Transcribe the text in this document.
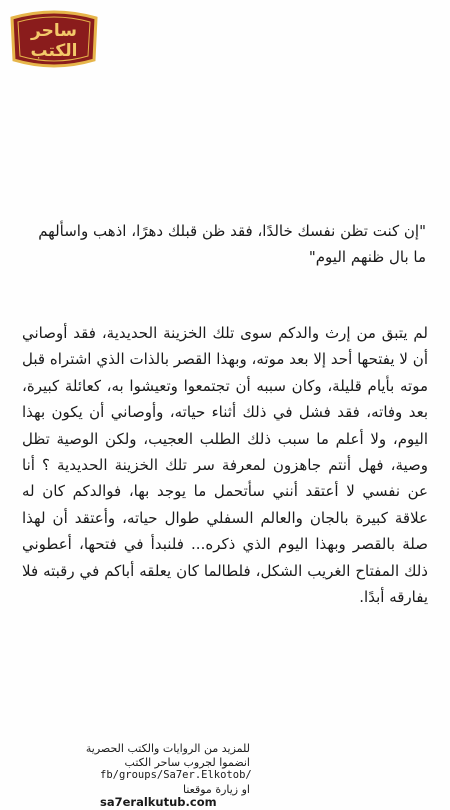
ساحر
الكتب

"إن كنت تظن نفسك خالدًا، فقد ظن قبلك دهرًا، اذهب واسألهم

ما بال ظنهم اليوم"

لم يتبق من إرث والدكم سوى تلك الخزينة الحديدية، فقد أوصاني أن لا يفتحها أحد إلا بعد موته، وبهذا القصر بالذات الذي اشتراه قبل موته بأيام قليلة، وكان سببه أن تجتمعوا وتعيشوا به، كعائلة كبيرة، بعد وفاته، فقد فشل في ذلك أثناء حياته، وأوصاني أن يكون بهذا اليوم، ولا أعلم ما سبب ذلك الطلب العجيب، ولكن الوصية تظل وصية، فهل أنتم جاهزون لمعرفة سر تلك الخزينة الحديدية ؟ أنا عن نفسي لا أعتقد أنني سأتحمل ما يوجد بها، فوالدكم كان له علاقة كبيرة بالجان والعالم السفلي طوال حياته، وأعتقد أن لهذا صلة بالقصر وبهذا اليوم الذي ذكره... فلنبدأ في فتحها، أعطوني ذلك المفتاح الغريب الشكل، فلطالما كان يعلقه أباكم في رقبته فلا يفارقه أبدًا.

للمزيد من الروايات والكتب الحصرية
انضموا لجروب ساحر الكتب
fb/groups/Sa7er.Elkotob/
او زيارة موقعنا
sa7eralkutub.com
